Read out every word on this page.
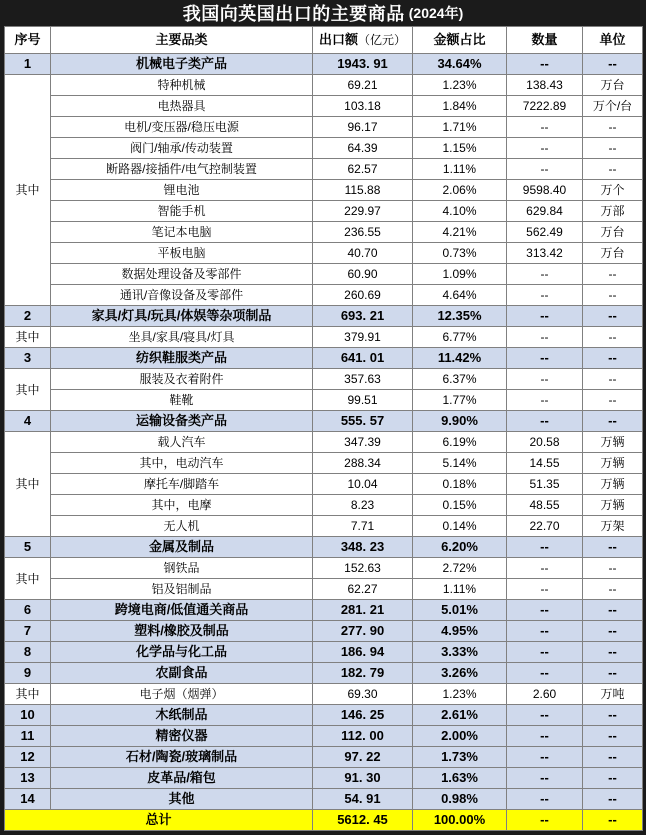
我国向英国出口的主要商品 (2024年)
序号	主要品类	出口额（亿元）	金额占比	数量	单位
1	机械电子类产品	1943. 91	34.64%	--	--
其中	特种机械	69.21	1.23%	138.43	万台
	电热器具	103.18	1.84%	7222.89	万个/台
	电机/变压器/稳压电源	96.17	1.71%	--	--
	阀门/轴承/传动装置	64.39	1.15%	--	--
	断路器/接插件/电气控制装置	62.57	1.11%	--	--
	锂电池	115.88	2.06%	9598.40	万个
	智能手机	229.97	4.10%	629.84	万部
	笔记本电脑	236.55	4.21%	562.49	万台
	平板电脑	40.70	0.73%	313.42	万台
	数据处理设备及零部件	60.90	1.09%	--	--
	通讯/音像设备及零部件	260.69	4.64%	--	--
2	家具/灯具/玩具/体娱等杂项制品	693. 21	12.35%	--	--
其中	坐具/家具/寝具/灯具	379.91	6.77%	--	--
3	纺织鞋服类产品	641. 01	11.42%	--	--
其中	服装及衣着附件	357.63	6.37%	--	--
	鞋靴	99.51	1.77%	--	--
4	运输设备类产品	555. 57	9.90%	--	--
其中	载人汽车	347.39	6.19%	20.58	万辆
	其中，电动汽车	288.34	5.14%	14.55	万辆
	摩托车/脚踏车	10.04	0.18%	51.35	万辆
	其中，电摩	8.23	0.15%	48.55	万辆
	无人机	7.71	0.14%	22.70	万架
5	金属及制品	348. 23	6.20%	--	--
其中	钢铁品	152.63	2.72%	--	--
	铝及铝制品	62.27	1.11%	--	--
6	跨境电商/低值通关商品	281. 21	5.01%	--	--
7	塑料/橡胶及制品	277. 90	4.95%	--	--
8	化学品与化工品	186. 94	3.33%	--	--
9	农副食品	182. 79	3.26%	--	--
其中	电子烟（烟弹）	69.30	1.23%	2.60	万吨
10	木纸制品	146. 25	2.61%	--	--
11	精密仪器	112. 00	2.00%	--	--
12	石材/陶瓷/玻璃制品	97. 22	1.73%	--	--
13	皮革品/箱包	91. 30	1.63%	--	--
14	其他	54. 91	0.98%	--	--
总计		5612. 45	100.00%	--	--
